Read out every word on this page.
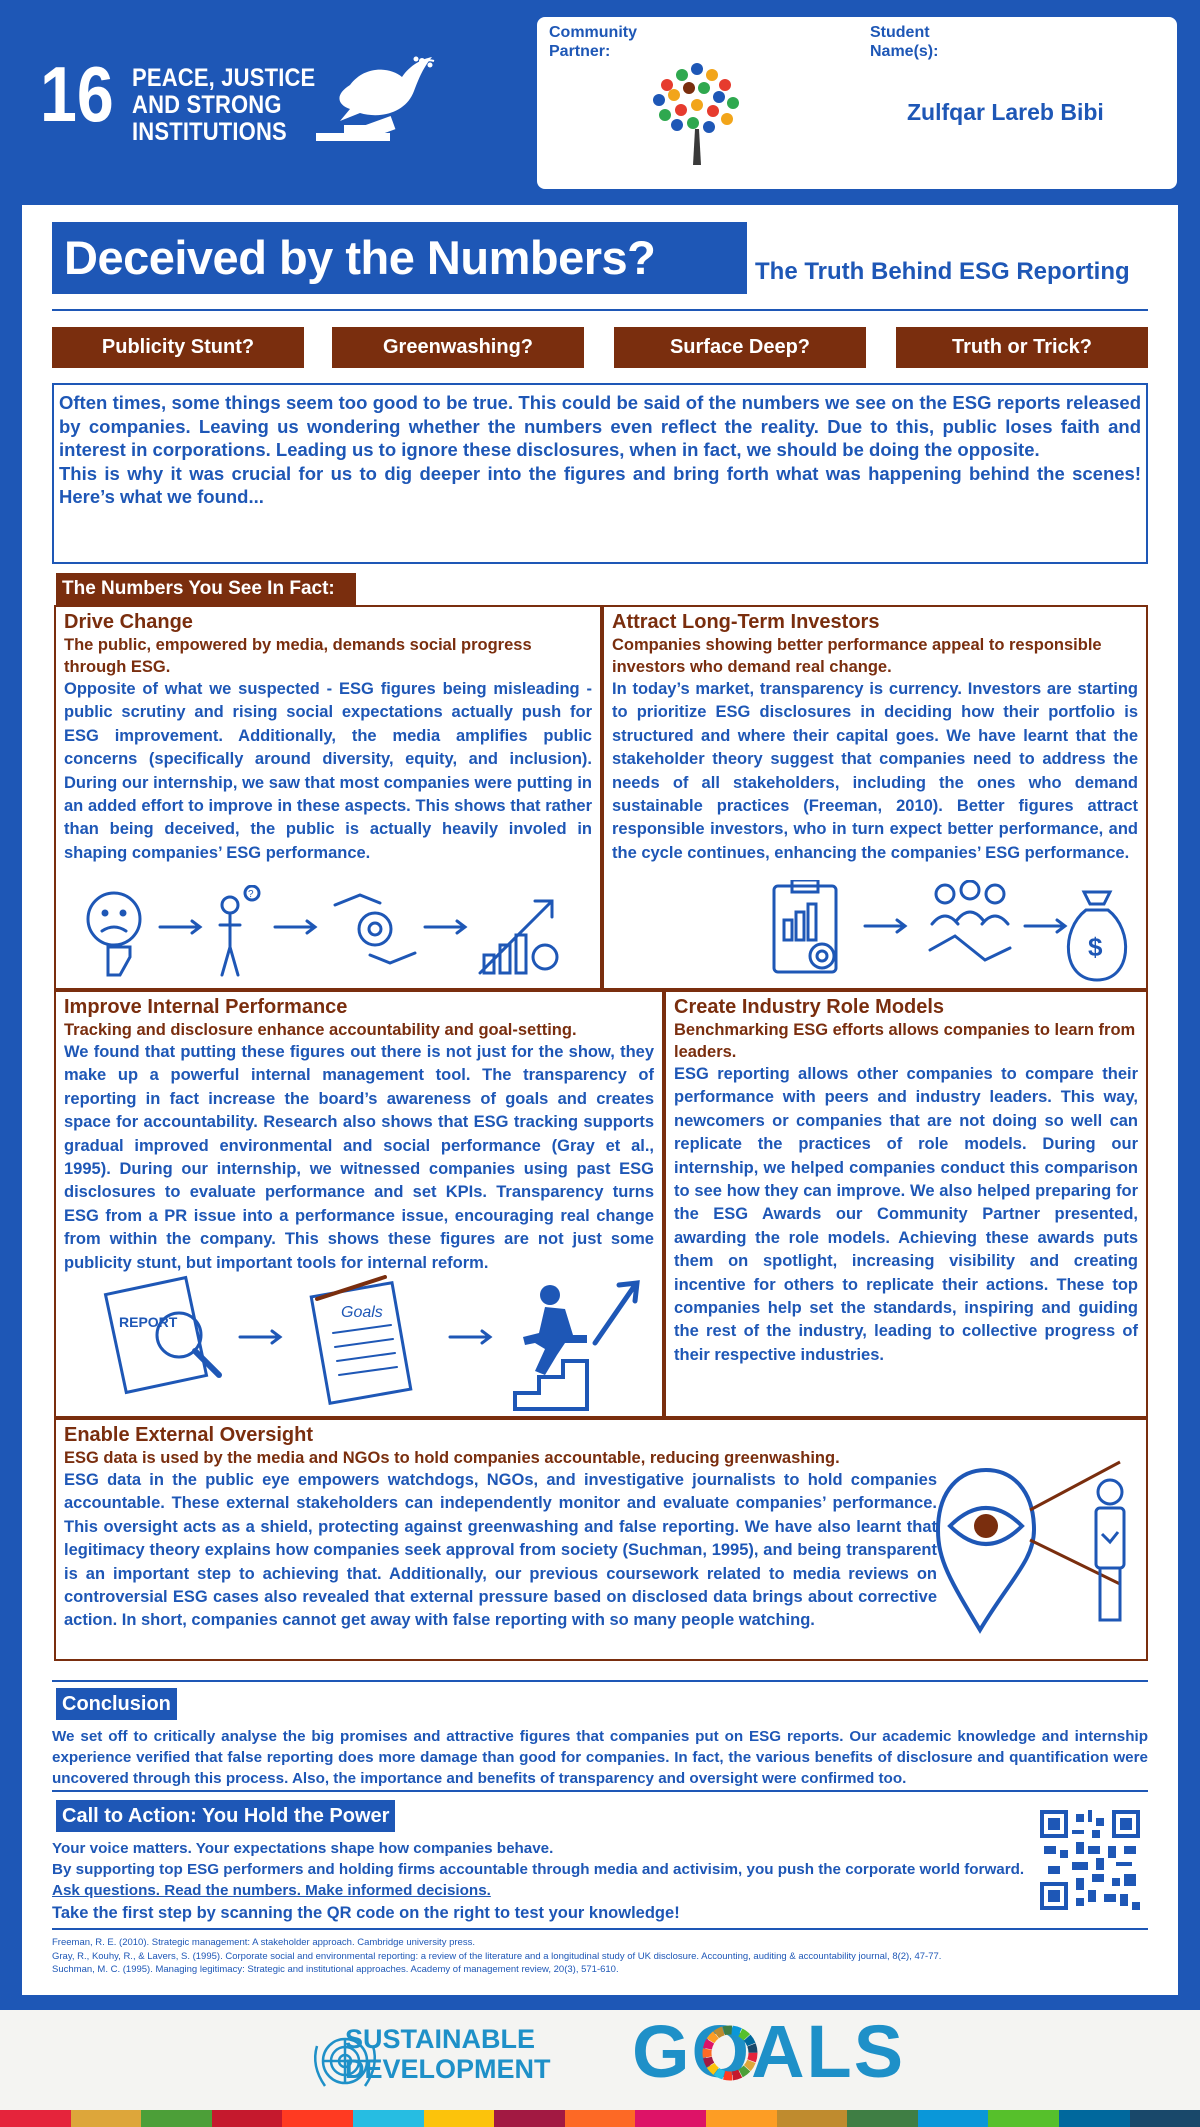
16 PEACE, JUSTICE
AND STRONG
INSTITUTIONS
Community
Partner:
Student
Name(s):
Zulfqar Lareb Bibi
Deceived by the Numbers?	The Truth Behind ESG Reporting
Publicity Stunt?	Greenwashing?	Surface Deep?	Truth or Trick?

Often times, some things seem too good to be true. This could be said of the numbers we see on the ESG reports released by companies. Leaving us wondering whether the numbers even reflect the reality. Due to this, public loses faith and interest in corporations. Leading us to ignore these disclosures, when in fact, we should be doing the opposite.

This is why it was crucial for us to dig deeper into the figures and bring forth what was happening behind the scenes! Here’s what we found...

The Numbers You See In Fact:
Drive Change
The public, empowered by media, demands social progress through ESG.
Opposite of what we suspected - ESG figures being misleading - public scrutiny and rising social expectations actually push for ESG improvement. Additionally, the media amplifies public concerns (specifically around diversity, equity, and inclusion). During our internship, we saw that most companies were putting in an added effort to improve in these aspects. This shows that rather than being deceived, the public is actually heavily involed in shaping companies’ ESG performance.
?
Attract Long-Term Investors
Companies showing better performance appeal to responsible investors who demand real change.
In today’s market, transparency is currency. Investors are starting to prioritize ESG disclosures in deciding how their portfolio is structured and where their capital goes. We have learnt that the stakeholder theory suggest that companies need to address the needs of all stakeholders, including the ones who demand sustainable practices (Freeman, 2010). Better figures attract responsible investors, who in turn expect better performance, and the cycle continues, enhancing the companies’ ESG performance.
$
Improve Internal Performance
Tracking and disclosure enhance accountability and goal-setting.
We found that putting these figures out there is not just for the show, they make up a powerful internal management tool. The transparency of reporting in fact increase the board’s awareness of goals and creates space for accountability. Research also shows that ESG tracking supports gradual improved environmental and social performance (Gray et al., 1995). During our internship, we witnessed companies using past ESG disclosures to evaluate performance and set KPIs. Transparency turns ESG from a PR issue into a performance issue, encouraging real change from within the company. This shows these figures are not just some publicity stunt, but important tools for internal reform.
REPORT
Goals
Create Industry Role Models
Benchmarking ESG efforts allows companies to learn from leaders.
ESG reporting allows other companies to compare their performance with peers and industry leaders. This way, newcomers or companies that are not doing so well can replicate the practices of role models. During our internship, we helped companies conduct this comparison to see how they can improve. We also helped preparing for the ESG Awards our Community Partner presented, awarding the role models. Achieving these awards puts them on spotlight, increasing visibility and creating incentive for others to replicate their actions. These top companies help set the standards, inspiring and guiding the rest of the industry, leading to collective progress of their respective industries.
Enable External Oversight
ESG data is used by the media and NGOs to hold companies accountable, reducing greenwashing.
ESG data in the public eye empowers watchdogs, NGOs, and investigative journalists to hold companies accountable. These external stakeholders can independently monitor and evaluate companies’ performance. This oversight acts as a shield, protecting against greenwashing and false reporting. We have also learnt that legitimacy theory explains how companies seek approval from society (Suchman, 1995), and being transparent is an important step to achieving that. Additionally, our previous coursework related to media reviews on controversial ESG cases also revealed that external pressure based on disclosed data brings about corrective action. In short, companies cannot get away with false reporting with so many people watching.
Conclusion
We set off to critically analyse the big promises and attractive figures that companies put on ESG reports. Our academic knowledge and internship experience verified that false reporting does more damage than good for companies. In fact, the various benefits of disclosure and quantification were uncovered through this process. Also, the importance and benefits of transparency and oversight were confirmed too.
Call to Action: You Hold the Power
Your voice matters. Your expectations shape how companies behave.
By supporting top ESG performers and holding firms accountable through media and activisim, you push the corporate world forward.
Ask questions. Read the numbers. Make informed decisions.
Take the first step by scanning the QR code on the right to test your knowledge!
Freeman, R. E. (2010). Strategic management: A stakeholder approach. Cambridge university press.
Gray, R., Kouhy, R., & Lavers, S. (1995). Corporate social and environmental reporting: a review of the literature and a longitudinal study of UK disclosure. Accounting, auditing & accountability journal, 8(2), 47-77.
Suchman, M. C. (1995). Managing legitimacy: Strategic and institutional approaches. Academy of management review, 20(3), 571-610.
SUSTAINABLE
DEVELOPMENT GOALS
